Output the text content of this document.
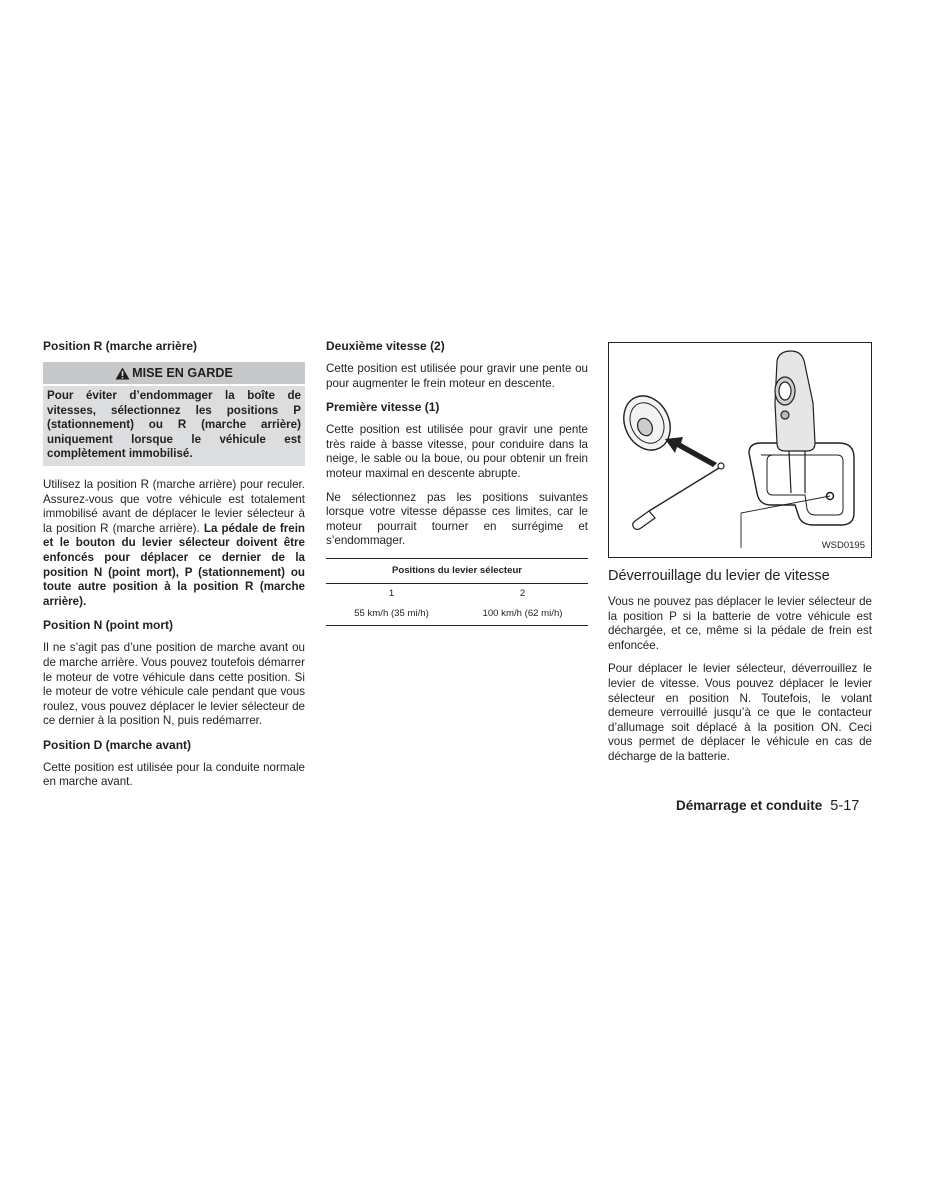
Position R (marche arrière)
MISE EN GARDE
Pour éviter d’endommager la boîte de vitesses, sélectionnez les positions P (stationnement) ou R (marche arrière) uniquement lorsque le véhicule est complètement immobilisé.

Utilisez la position R (marche arrière) pour reculer. Assurez-vous que votre véhicule est totalement immobilisé avant de déplacer le levier sélecteur à la position R (marche arrière). La pédale de frein et le bouton du levier sélecteur doivent être enfoncés pour déplacer ce dernier de la position N (point mort), P (stationnement) ou toute autre position à la position R (marche arrière).

Position N (point mort)

Il ne s’agit pas d’une position de marche avant ou de marche arrière. Vous pouvez toutefois démarrer le moteur de votre véhicule dans cette position. Si le moteur de votre véhicule cale pendant que vous roulez, vous pouvez déplacer le levier sélecteur de ce dernier à la position N, puis redémarrer.

Position D (marche avant)

Cette position est utilisée pour la conduite normale en marche avant.

Deuxième vitesse (2)

Cette position est utilisée pour gravir une pente ou pour augmenter le frein moteur en descente.

Première vitesse (1)

Cette position est utilisée pour gravir une pente très raide à basse vitesse, pour conduire dans la neige, le sable ou la boue, ou pour obtenir un frein moteur maximal en descente abrupte.

Ne sélectionnez pas les positions suivantes lorsque votre vitesse dépasse ces limites, car le moteur pourrait tourner en surrégime et s’endommager.

Positions du levier sélecteur	
1	2
55 km/h (35 mi/h)	100 km/h (62 mi/h)
WSD0195
Déverrouillage du levier de vitesse

Vous ne pouvez pas déplacer le levier sélecteur de la position P si la batterie de votre véhicule est déchargée, et ce, même si la pédale de frein est enfoncée.

Pour déplacer le levier sélecteur, déverrouillez le levier de vitesse. Vous pouvez déplacer le levier sélecteur en position N. Toutefois, le volant demeure verrouillé jusqu’à ce que le contacteur d’allumage soit déplacé à la position ON. Ceci vous permet de déplacer le véhicule en cas de décharge de la batterie.

Démarrage et conduite 5-17
